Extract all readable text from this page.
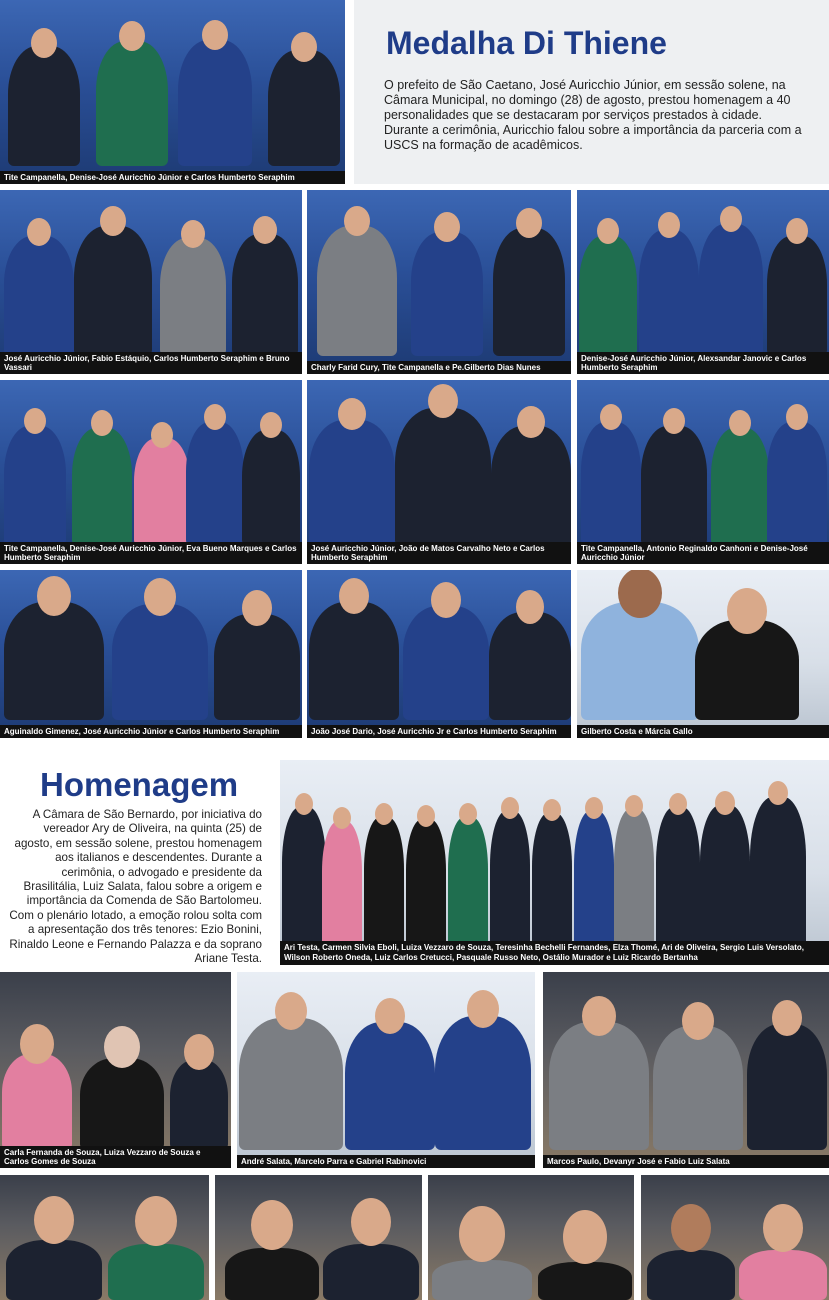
Tite Campanella, Denise-José Auricchio Júnior e Carlos Humberto Seraphim
Medalha Di Thiene
O prefeito de São Caetano, José Auricchio Júnior, em sessão solene, na Câmara Municipal, no domingo (28) de agosto, prestou homenagem a 40 personalidades que se destacaram por serviços prestados à cidade. Durante a cerimônia, Auricchio falou sobre a importância da parceria com a USCS na formação de acadêmicos.
José Auricchio Júnior, Fabio Estáquio, Carlos Humberto Seraphim e Bruno Vassari	Charly Farid Cury, Tite Campanella e Pe.Gilberto Dias Nunes
Denise-José Auricchio Júnior, Alexsandar Janovic e Carlos Humberto Seraphim
Tite Campanella, Denise-José Auricchio Júnior, Eva Bueno Marques e Carlos Humberto Seraphim
José Auricchio Júnior, João de Matos Carvalho Neto e Carlos Humberto Seraphim
Tite Campanella, Antonio Reginaldo Canhoni e Denise-José Auricchio Júnior
Aguinaldo Gimenez, José Auricchio Júnior e Carlos Humberto Seraphim	João José Dario, José Auricchio Jr e Carlos Humberto Seraphim	Gilberto Costa e Márcia Gallo
Homenagem
A Câmara de São Bernardo, por iniciativa do vereador Ary de Oliveira, na quinta (25) de agosto, em sessão solene, prestou homenagem aos italianos e descendentes. Durante a cerimônia, o advogado e presidente da Brasilitália, Luiz Salata, falou sobre a origem e importância da Comenda de São Bartolomeu. Com o plenário lotado, a emoção rolou solta com a apresentação dos três tenores: Ezio Bonini, Rinaldo Leone e Fernando Palazza e da soprano Ariane Testa.
Ari Testa, Carmen Silvia Eboli, Luiza Vezzaro de Souza, Teresinha Bechelli Fernandes, Elza Thomé, Ari de Oliveira, Sergio Luis Versolato, Wilson Roberto Oneda, Luiz Carlos Cretucci, Pasquale Russo Neto, Ostálio Murador e Luiz Ricardo Bertanha
Carla Fernanda de Souza, Luiza Vezzaro de Souza e Carlos Gomes de Souza	André Salata, Marcelo Parra e Gabriel Rabinovici	Marcos Paulo, Devanyr José e Fabio Luiz Salata
